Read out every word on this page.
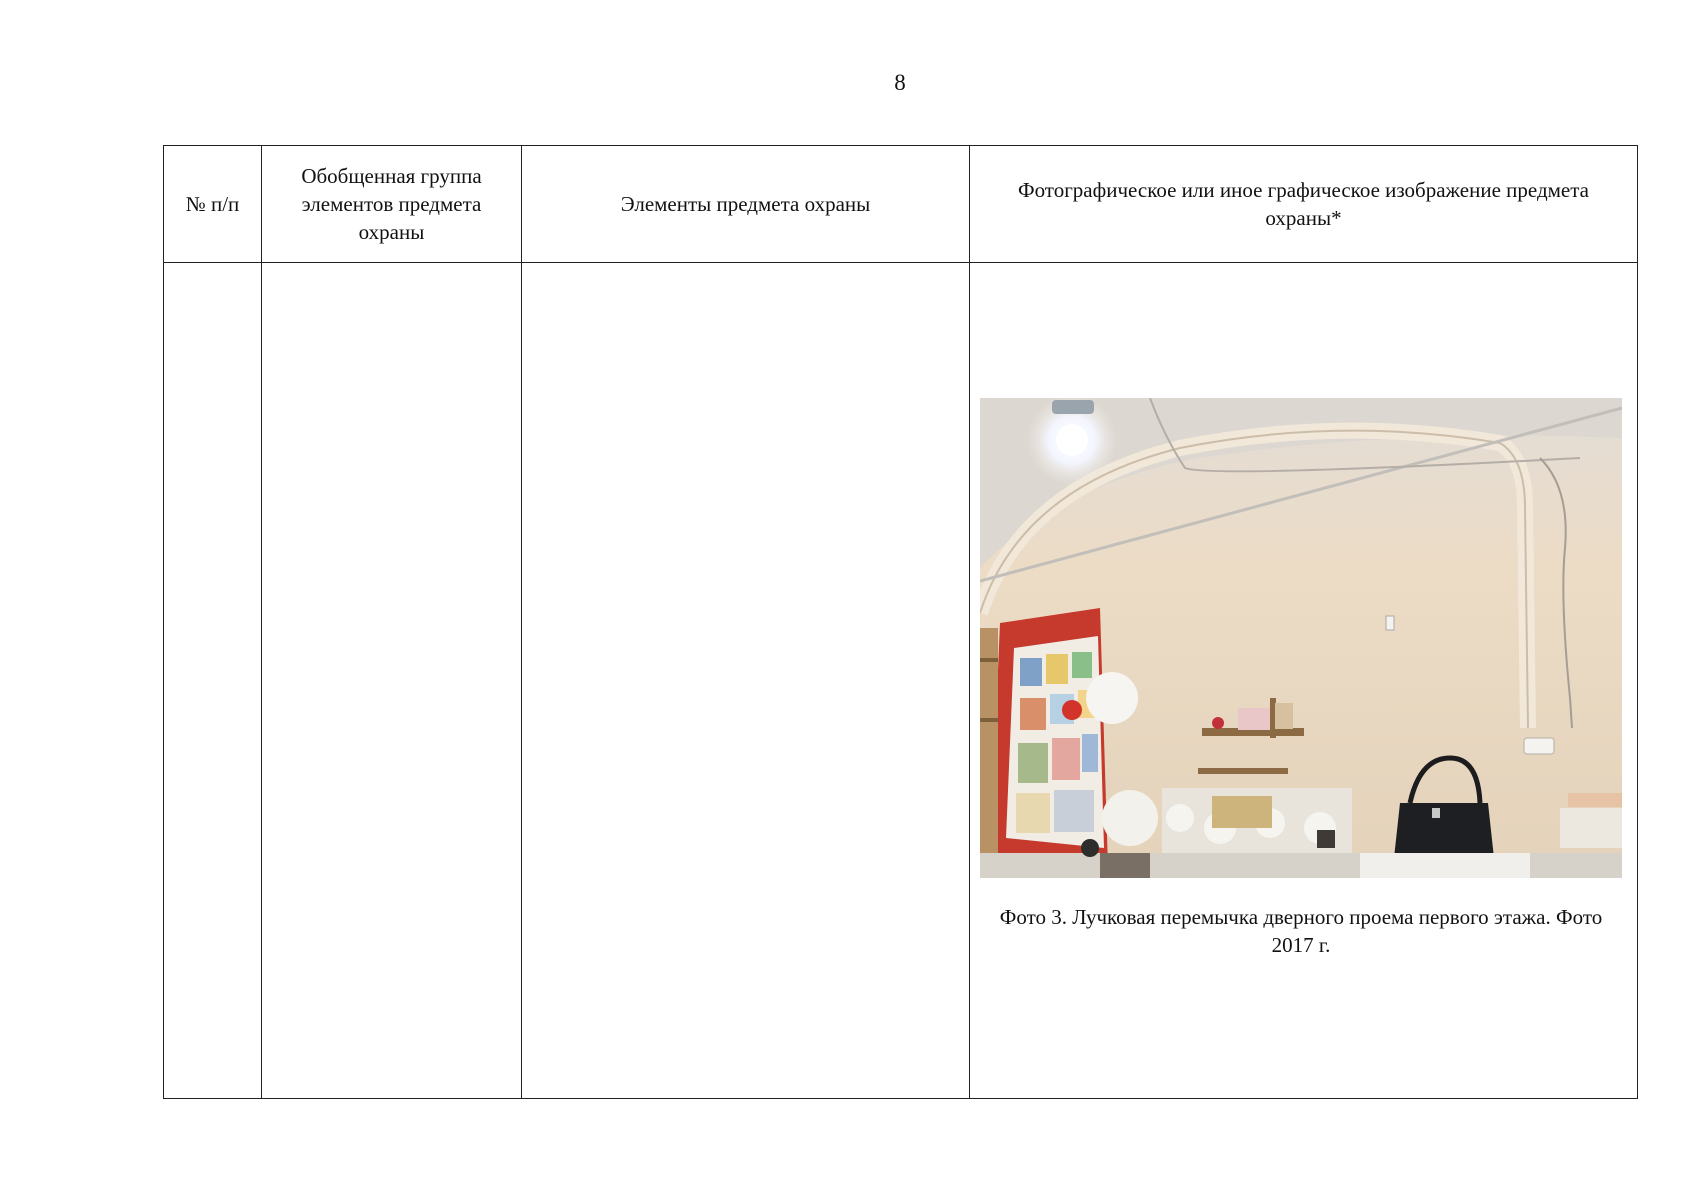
8
№ п/п	Обобщенная группа элементов предмета охраны	Элементы предмета охраны	Фотографическое или иное графическое изображение предмета охраны*

			Фото 3. Лучковая перемычка дверного проема первого этажа. Фото 2017 г.
